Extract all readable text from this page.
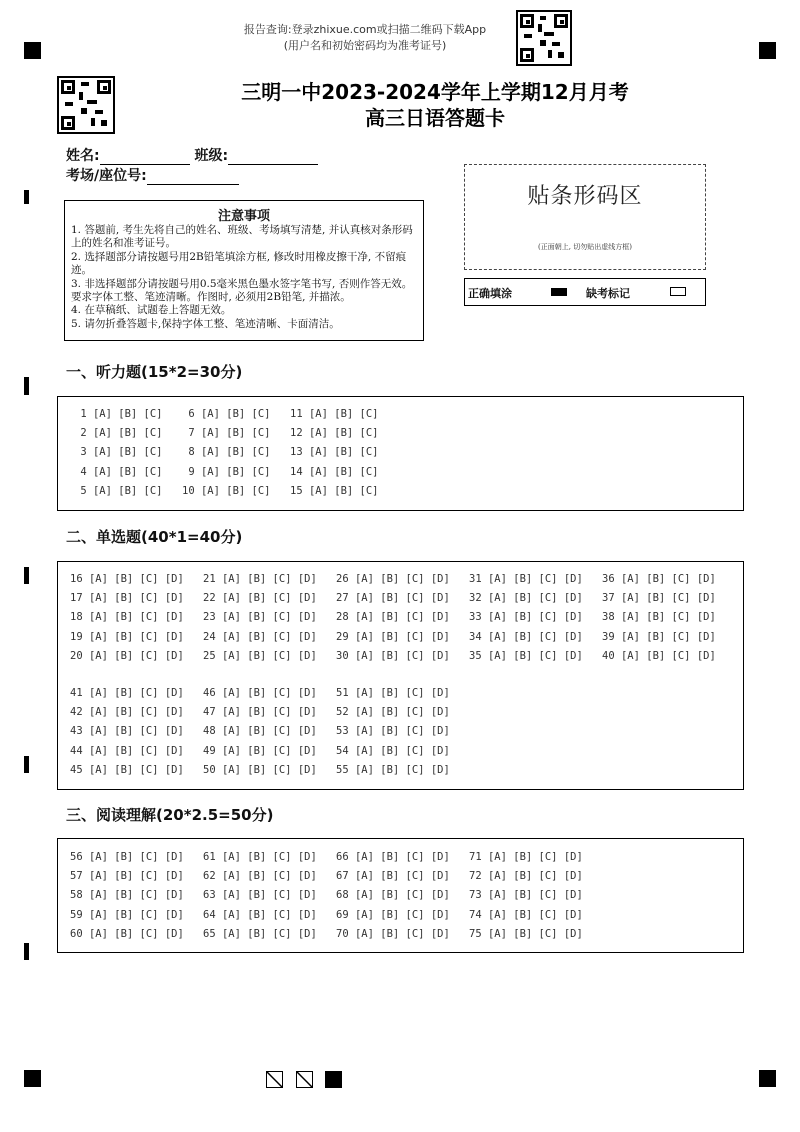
报告查询:登录zhixue.com或扫描二维码下载App
(用户名和初始密码均为准考证号)
三明一中2023-2024学年上学期12月月考
高三日语答题卡
姓名:	班级:
考场/座位号:
注意事项
1. 答题前, 考生先将自己的姓名、班级、考场填写清楚, 并认真核对条形码上的姓名和准考证号。
2. 选择题部分请按题号用2B铅笔填涂方框, 修改时用橡皮擦干净, 不留痕迹。
3. 非选择题部分请按题号用0.5毫米黑色墨水签字笔书写, 否则作答无效。要求字体工整、笔迹清晰。作图时, 必须用2B铅笔, 并描浓。
4. 在草稿纸、试题卷上答题无效。
5. 请勿折叠答题卡,保持字体工整、笔迹清晰、卡面清洁。
贴条形码区
(正面朝上, 切勿贴出虚线方框)
正确填涂	缺考标记
一、听力题(15*2=30分)
1 [A] [B] [C]
2 [A] [B] [C]
3 [A] [B] [C]
4 [A] [B] [C]
5 [A] [B] [C]
6 [A] [B] [C]
7 [A] [B] [C]
8 [A] [B] [C]
9 [A] [B] [C]
10 [A] [B] [C]
11 [A] [B] [C]
12 [A] [B] [C]
13 [A] [B] [C]
14 [A] [B] [C]
15 [A] [B] [C]
二、单选题(40*1=40分)
16 [A] [B] [C] [D]
17 [A] [B] [C] [D]
18 [A] [B] [C] [D]
19 [A] [B] [C] [D]
20 [A] [B] [C] [D]
21 [A] [B] [C] [D]
22 [A] [B] [C] [D]
23 [A] [B] [C] [D]
24 [A] [B] [C] [D]
25 [A] [B] [C] [D]
26 [A] [B] [C] [D]
27 [A] [B] [C] [D]
28 [A] [B] [C] [D]
29 [A] [B] [C] [D]
30 [A] [B] [C] [D]
31 [A] [B] [C] [D]
32 [A] [B] [C] [D]
33 [A] [B] [C] [D]
34 [A] [B] [C] [D]
35 [A] [B] [C] [D]
36 [A] [B] [C] [D]
37 [A] [B] [C] [D]
38 [A] [B] [C] [D]
39 [A] [B] [C] [D]
40 [A] [B] [C] [D]
41 [A] [B] [C] [D]
42 [A] [B] [C] [D]
43 [A] [B] [C] [D]
44 [A] [B] [C] [D]
45 [A] [B] [C] [D]
46 [A] [B] [C] [D]
47 [A] [B] [C] [D]
48 [A] [B] [C] [D]
49 [A] [B] [C] [D]
50 [A] [B] [C] [D]
51 [A] [B] [C] [D]
52 [A] [B] [C] [D]
53 [A] [B] [C] [D]
54 [A] [B] [C] [D]
55 [A] [B] [C] [D]
三、阅读理解(20*2.5=50分)
56 [A] [B] [C] [D]
57 [A] [B] [C] [D]
58 [A] [B] [C] [D]
59 [A] [B] [C] [D]
60 [A] [B] [C] [D]
61 [A] [B] [C] [D]
62 [A] [B] [C] [D]
63 [A] [B] [C] [D]
64 [A] [B] [C] [D]
65 [A] [B] [C] [D]
66 [A] [B] [C] [D]
67 [A] [B] [C] [D]
68 [A] [B] [C] [D]
69 [A] [B] [C] [D]
70 [A] [B] [C] [D]
71 [A] [B] [C] [D]
72 [A] [B] [C] [D]
73 [A] [B] [C] [D]
74 [A] [B] [C] [D]
75 [A] [B] [C] [D]
